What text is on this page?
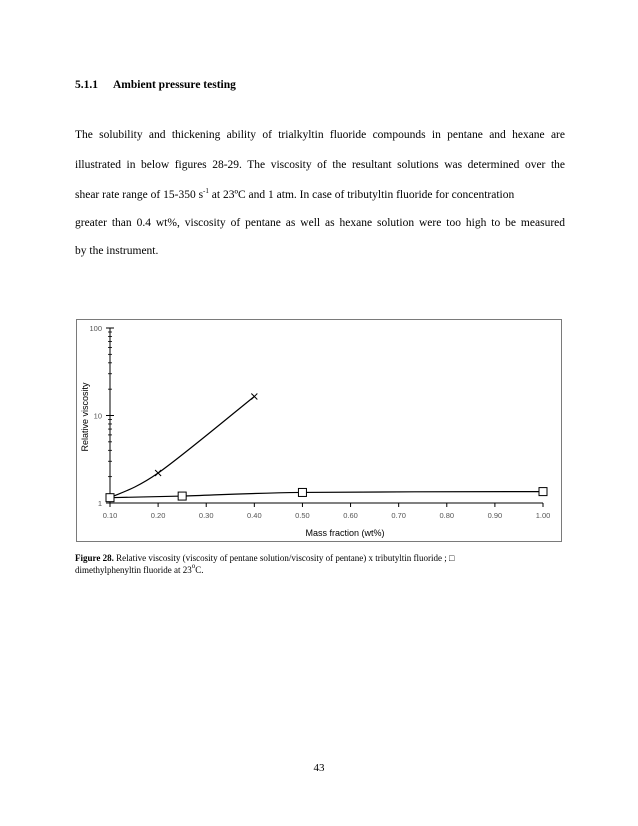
5.1.1 Ambient pressure testing
The solubility and thickening ability of trialkyltin fluoride compounds in pentane and hexane are
illustrated in below figures 28-29. The viscosity of the resultant solutions was determined over the
shear rate range of 15-350 $s^{-1}$ at 23ºC and 1 atm. In case of tributyltin fluoride for concentration
greater than 0.4 wt%, viscosity of pentane as well as hexane solution were too high to be measured
by the instrument.
1
10
100
0.10	0.20	0.30	0.40	0.50	0.60	0.70	0.80	0.90	1.00
Mass fraction (wt%)
Relative viscosity
Figure 28. Relative viscosity (viscosity of pentane solution/viscosity of pentane) x tributyltin fluoride ; □
dimethylphenyltin fluoride at 23$^o$C.
43
